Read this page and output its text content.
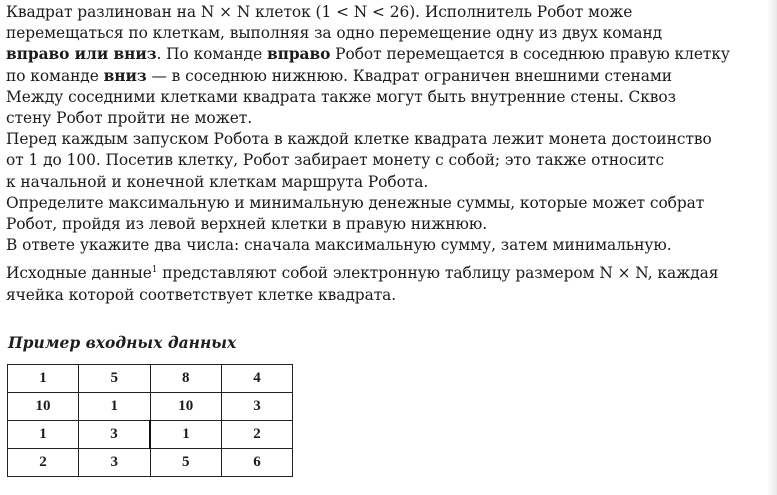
Квадрат разлинован на N × N клеток (1 < N < 26). Исполнитель Робот може
перемещаться по клеткам, выполняя за одно перемещение одну из двух команд
вправо или вниз. По команде вправо Робот перемещается в соседнюю правую клетку
по команде вниз — в соседнюю нижнюю. Квадрат ограничен внешними стенами
Между соседними клетками квадрата также могут быть внутренние стены. Сквоз
стену Робот пройти не может.
Перед каждым запуском Робота в каждой клетке квадрата лежит монета достоинство
от 1 до 100. Посетив клетку, Робот забирает монету с собой; это также относитс
к начальной и конечной клеткам маршрута Робота.
Определите максимальную и минимальную денежные суммы, которые может собрат
Робот, пройдя из левой верхней клетки в правую нижнюю.
В ответе укажите два числа: сначала максимальную сумму, затем минимальную.
Исходные данные$^1$ представляют собой электронную таблицу размером N × N, каждая
ячейка которой соответствует клетке квадрата.
Пример входных данных
1	5	8	4
10	1	10	3
1	3	1	2
2	3	5	6
